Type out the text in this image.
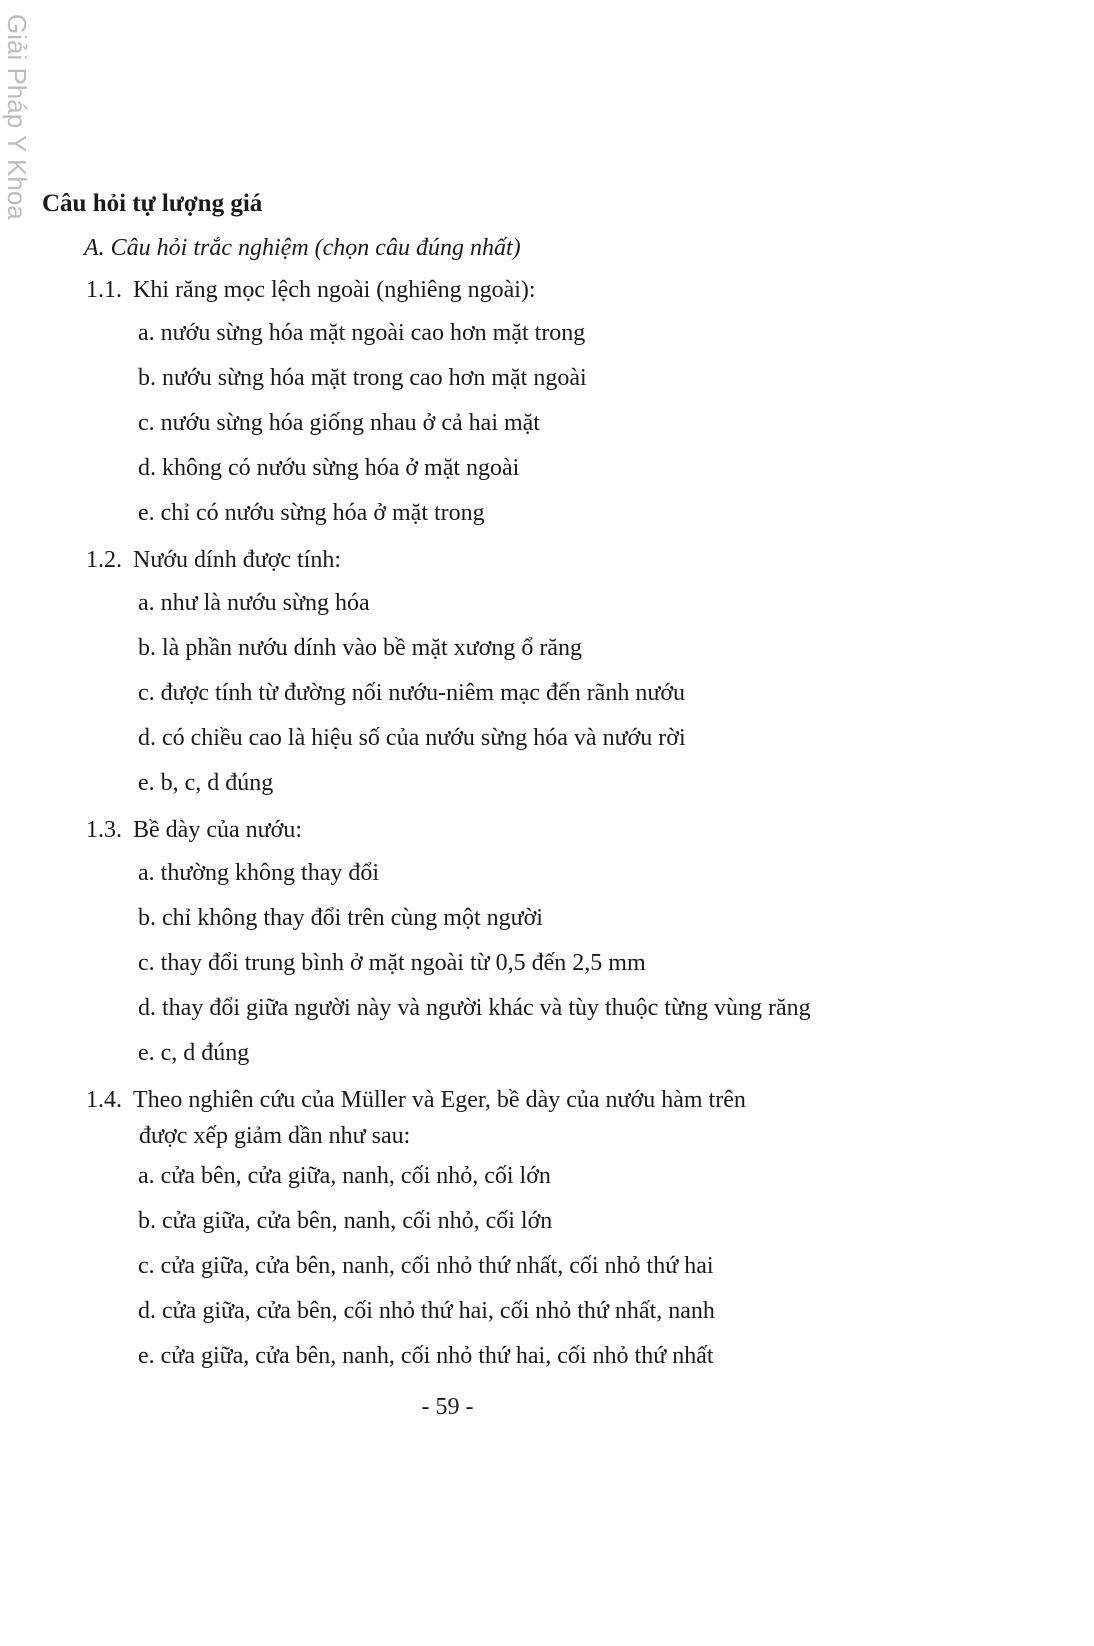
Giải Pháp Y Khoa Câu hỏi tự lượng giá
A. Câu hỏi trắc nghiệm (chọn câu đúng nhất)
1.1. Khi răng mọc lệch ngoài (nghiêng ngoài):
a. nướu sừng hóa mặt ngoài cao hơn mặt trong
b. nướu sừng hóa mặt trong cao hơn mặt ngoài
c. nướu sừng hóa giống nhau ở cả hai mặt
d. không có nướu sừng hóa ở mặt ngoài
e. chỉ có nướu sừng hóa ở mặt trong
1.2. Nướu dính được tính:
a. như là nướu sừng hóa
b. là phần nướu dính vào bề mặt xương ổ răng
c. được tính từ đường nối nướu-niêm mạc đến rãnh nướu
d. có chiều cao là hiệu số của nướu sừng hóa và nướu rời
e. b, c, d đúng
1.3. Bề dày của nướu:
a. thường không thay đổi
b. chỉ không thay đổi trên cùng một người
c. thay đổi trung bình ở mặt ngoài từ 0,5 đến 2,5 mm
d. thay đổi giữa người này và người khác và tùy thuộc từng vùng răng
e. c, d đúng
1.4. Theo nghiên cứu của Müller và Eger, bề dày của nướu hàm trên
được xếp giảm dần như sau:
a. cửa bên, cửa giữa, nanh, cối nhỏ, cối lớn
b. cửa giữa, cửa bên, nanh, cối nhỏ, cối lớn
c. cửa giữa, cửa bên, nanh, cối nhỏ thứ nhất, cối nhỏ thứ hai
d. cửa giữa, cửa bên, cối nhỏ thứ hai, cối nhỏ thứ nhất, nanh
e. cửa giữa, cửa bên, nanh, cối nhỏ thứ hai, cối nhỏ thứ nhất
- 59 -
